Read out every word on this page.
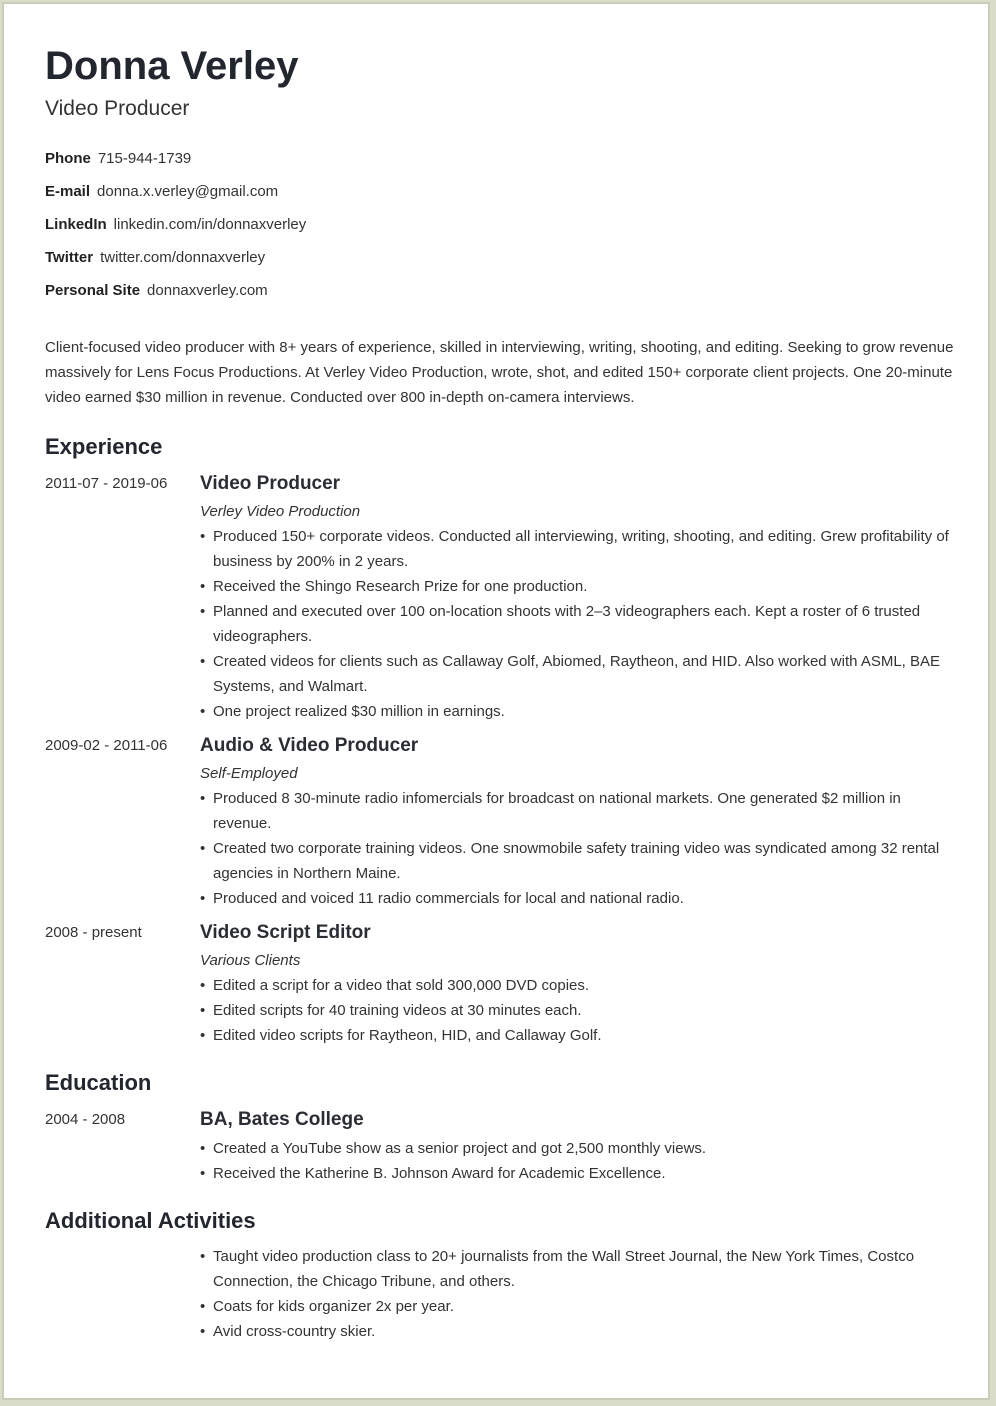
Donna Verley
Video Producer
Phone 715-944-1739
E-mail donna.x.verley@gmail.com
LinkedIn linkedin.com/in/donnaxverley
Twitter twitter.com/donnaxverley
Personal Site donnaxverley.com
Client-focused video producer with 8+ years of experience, skilled in interviewing, writing, shooting, and editing. Seeking to grow revenue massively for Lens Focus Productions. At Verley Video Production, wrote, shot, and edited 150+ corporate client projects. One 20-minute video earned $30 million in revenue. Conducted over 800 in-depth on-camera interviews.
Experience
2011-07 - 2019-06	Video Producer
Verley Video Production
• Produced 150+ corporate videos. Conducted all interviewing, writing, shooting, and editing. Grew profitability of business by 200% in 2 years.
• Received the Shingo Research Prize for one production.
• Planned and executed over 100 on-location shoots with 2–3 videographers each. Kept a roster of 6 trusted videographers.
• Created videos for clients such as Callaway Golf, Abiomed, Raytheon, and HID. Also worked with ASML, BAE Systems, and Walmart.
• One project realized $30 million in earnings.
2009-02 - 2011-06	Audio & Video Producer
Self-Employed
• Produced 8 30-minute radio infomercials for broadcast on national markets. One generated $2 million in revenue.
• Created two corporate training videos. One snowmobile safety training video was syndicated among 32 rental agencies in Northern Maine.
• Produced and voiced 11 radio commercials for local and national radio.
2008 - present	Video Script Editor
Various Clients
• Edited a script for a video that sold 300,000 DVD copies.
• Edited scripts for 40 training videos at 30 minutes each.
• Edited video scripts for Raytheon, HID, and Callaway Golf.
Education
2004 - 2008	BA, Bates College
• Created a YouTube show as a senior project and got 2,500 monthly views.
• Received the Katherine B. Johnson Award for Academic Excellence.
Additional Activities
• Taught video production class to 20+ journalists from the Wall Street Journal, the New York Times, Costco Connection, the Chicago Tribune, and others.
• Coats for kids organizer 2x per year.
• Avid cross-country skier.
